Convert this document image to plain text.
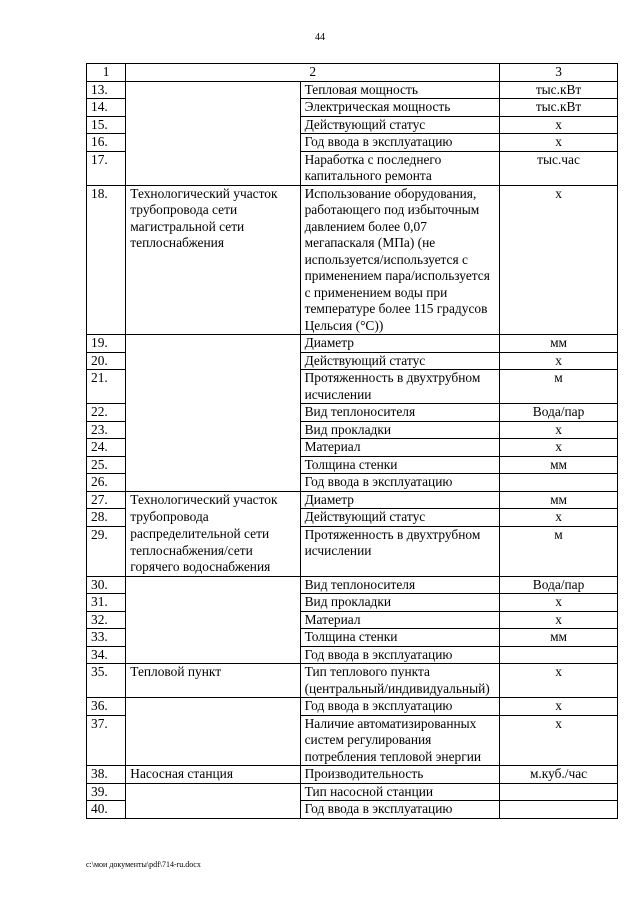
44
1	2		3
13.		Тепловая мощность	тыс.кВт
14.		Электрическая мощность	тыс.кВт
15.		Действующий статус	х
16.		Год ввода в эксплуатацию	х
17.		Наработка с последнего капитального ремонта	тыс.час
18.	Технологический участок трубопровода сети магистральной сети теплоснабжения	Использование оборудования, работающего под избыточным давлением более 0,07 мегапаскаля (МПа) (не используется/используется с применением пара/используется с применением воды при температуре более 115 градусов Цельсия (°С))	х
19.		Диаметр	мм
20.		Действующий статус	х
21.		Протяженность в двухтрубном исчислении	м
22.		Вид теплоносителя	Вода/пар
23.		Вид прокладки	х
24.		Материал	х
25.		Толщина стенки	мм
26.		Год ввода в эксплуатацию	
27.	Технологический участок	Диаметр	мм
28.	трубопровода	Действующий статус	х
29.	распределительной сети теплоснабжения/сети горячего водоснабжения	Протяженность в двухтрубном исчислении	м
30.		Вид теплоносителя	Вода/пар
31.		Вид прокладки	х
32.		Материал	х
33.		Толщина стенки	мм
34.		Год ввода в эксплуатацию	
35.	Тепловой пункт	Тип теплового пункта (центральный/индивидуальный)	х
36.		Год ввода в эксплуатацию	х
37.		Наличие автоматизированных систем регулирования потребления тепловой энергии	х
38.	Насосная станция	Производительность	м.куб./час
39.		Тип насосной станции	
40.		Год ввода в эксплуатацию	
c:\мои документы\pdf\714-ru.docx
